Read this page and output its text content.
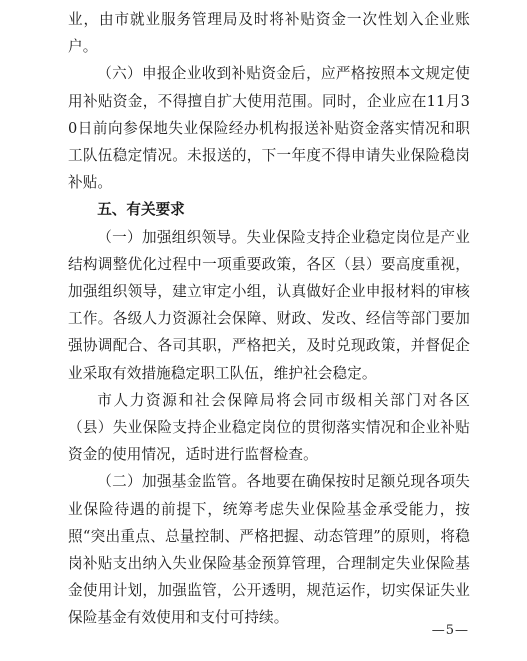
业，由市就业服务管理局及时将补贴资金一次性划入企业账户。

（六）申报企业收到补贴资金后，应严格按照本文规定使用补贴资金，不得擅自扩大使用范围。同时，企业应在11月30日前向参保地失业保险经办机构报送补贴资金落实情况和职工队伍稳定情况。未报送的，下一年度不得申请失业保险稳岗补贴。

五、有关要求

（一）加强组织领导。失业保险支持企业稳定岗位是产业结构调整优化过程中一项重要政策，各区（县）要高度重视，加强组织领导，建立审定小组，认真做好企业申报材料的审核工作。各级人力资源社会保障、财政、发改、经信等部门要加强协调配合、各司其职，严格把关，及时兑现政策，并督促企业采取有效措施稳定职工队伍，维护社会稳定。

市人力资源和社会保障局将会同市级相关部门对各区（县）失业保险支持企业稳定岗位的贯彻落实情况和企业补贴资金的使用情况，适时进行监督检查。

（二）加强基金监管。各地要在确保按时足额兑现各项失业保险待遇的前提下，统筹考虑失业保险基金承受能力，按照“突出重点、总量控制、严格把握、动态管理”的原则，将稳岗补贴支出纳入失业保险基金预算管理，合理制定失业保险基金使用计划，加强监管，公开透明，规范运作，切实保证失业保险基金有效使用和支付可持续。

—5—
